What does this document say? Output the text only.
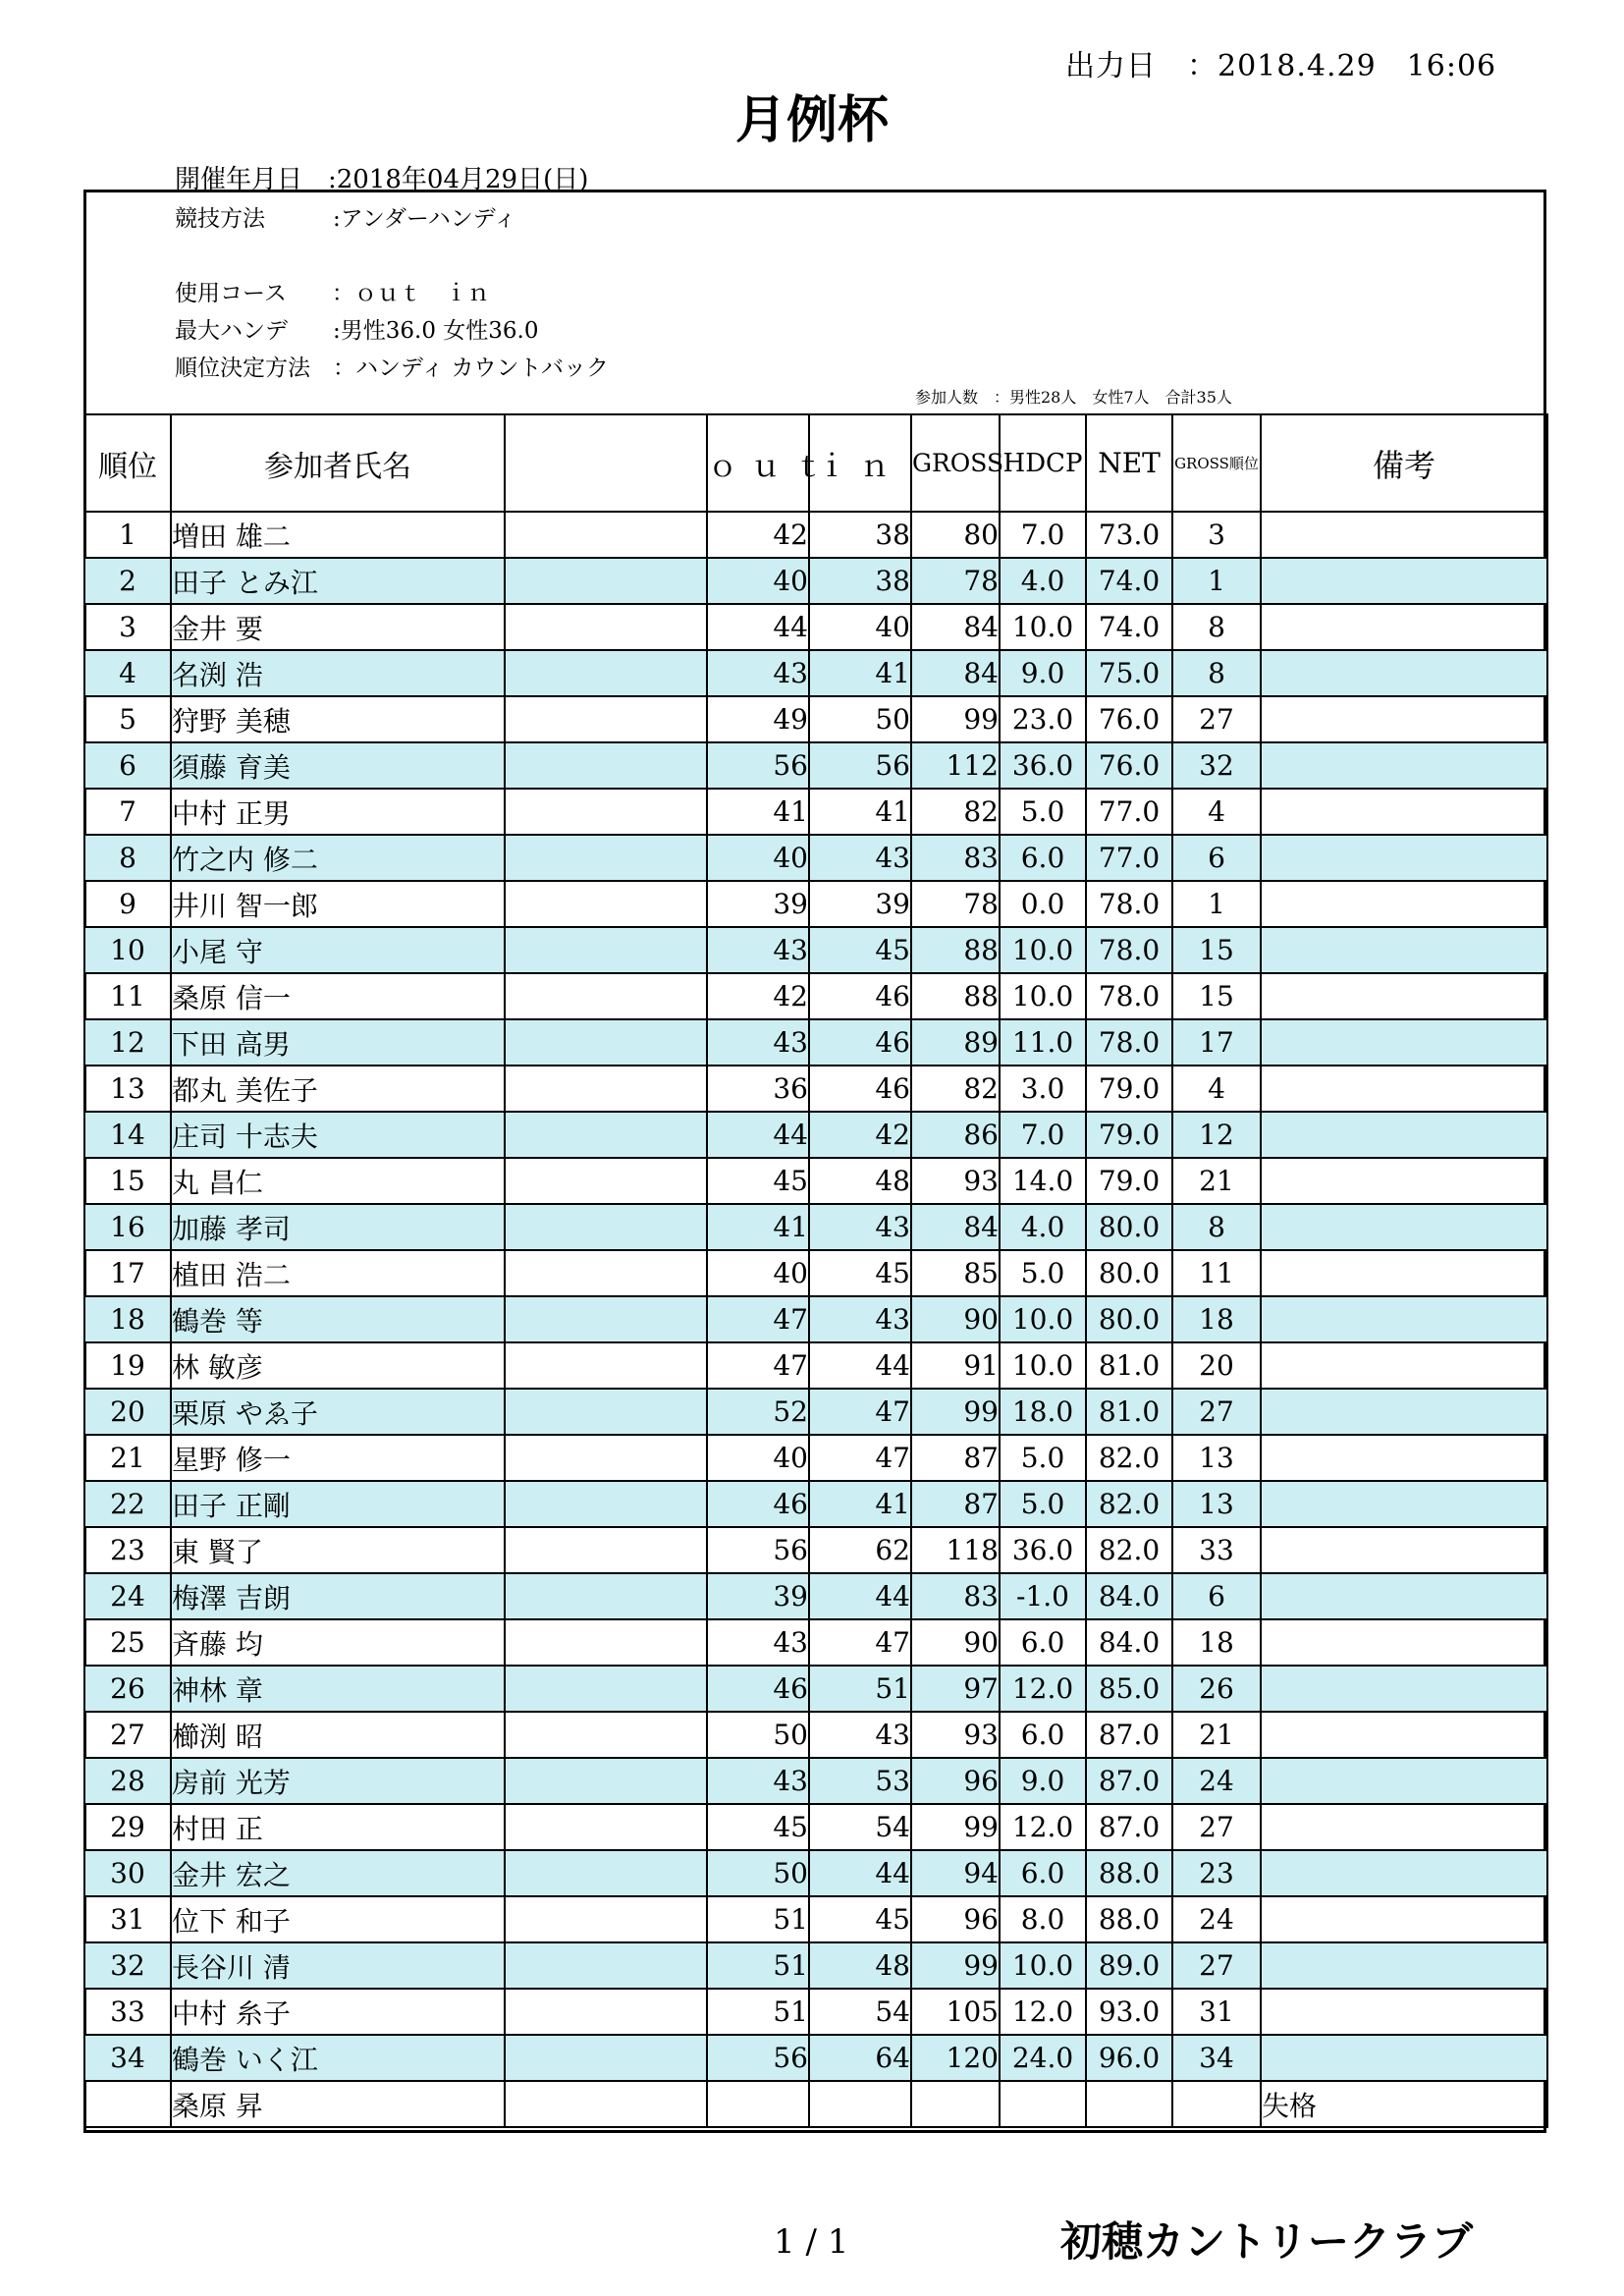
出力日　：2018.4.29　16:06
月例杯
開催年月日　:2018年04月29日(日)
競技方法　　　:アンダーハンディ
使用コース　　：ｏｕｔ　ｉｎ
最大ハンデ　　:男性36.0 女性36.0
順位決定方法　：ハンディ カウントバック
参加人数　：男性28人　女性7人　合計35人
順位	参加者氏名		ｏｕｔ	ｉｎ	GROSS	HDCP	NET	GROSS順位	備考
1	増田 雄二		42	38	80	7.0	73.0	3	
2	田子 とみ江		40	38	78	4.0	74.0	1	
3	金井 要		44	40	84	10.0	74.0	8	
4	名渕 浩		43	41	84	9.0	75.0	8	
5	狩野 美穂		49	50	99	23.0	76.0	27	
6	須藤 育美		56	56	112	36.0	76.0	32	
7	中村 正男		41	41	82	5.0	77.0	4	
8	竹之内 修二		40	43	83	6.0	77.0	6	
9	井川 智一郎		39	39	78	0.0	78.0	1	
10	小尾 守		43	45	88	10.0	78.0	15	
11	桑原 信一		42	46	88	10.0	78.0	15	
12	下田 高男		43	46	89	11.0	78.0	17	
13	都丸 美佐子		36	46	82	3.0	79.0	4	
14	庄司 十志夫		44	42	86	7.0	79.0	12	
15	丸 昌仁		45	48	93	14.0	79.0	21	
16	加藤 孝司		41	43	84	4.0	80.0	8	
17	植田 浩二		40	45	85	5.0	80.0	11	
18	鶴巻 等		47	43	90	10.0	80.0	18	
19	林 敏彦		47	44	91	10.0	81.0	20	
20	栗原 やゑ子		52	47	99	18.0	81.0	27	
21	星野 修一		40	47	87	5.0	82.0	13	
22	田子 正剛		46	41	87	5.0	82.0	13	
23	東 賢了		56	62	118	36.0	82.0	33	
24	梅澤 吉朗		39	44	83	-1.0	84.0	6	
25	斉藤 均		43	47	90	6.0	84.0	18	
26	神林 章		46	51	97	12.0	85.0	26	
27	櫛渕 昭		50	43	93	6.0	87.0	21	
28	房前 光芳		43	53	96	9.0	87.0	24	
29	村田 正		45	54	99	12.0	87.0	27	
30	金井 宏之		50	44	94	6.0	88.0	23	
31	位下 和子		51	45	96	8.0	88.0	24	
32	長谷川 清		51	48	99	10.0	89.0	27	
33	中村 糸子		51	54	105	12.0	93.0	31	
34	鶴巻 いく江		56	64	120	24.0	96.0	34	
	桑原 昇								失格
1 / 1	初穂カントリークラブ
